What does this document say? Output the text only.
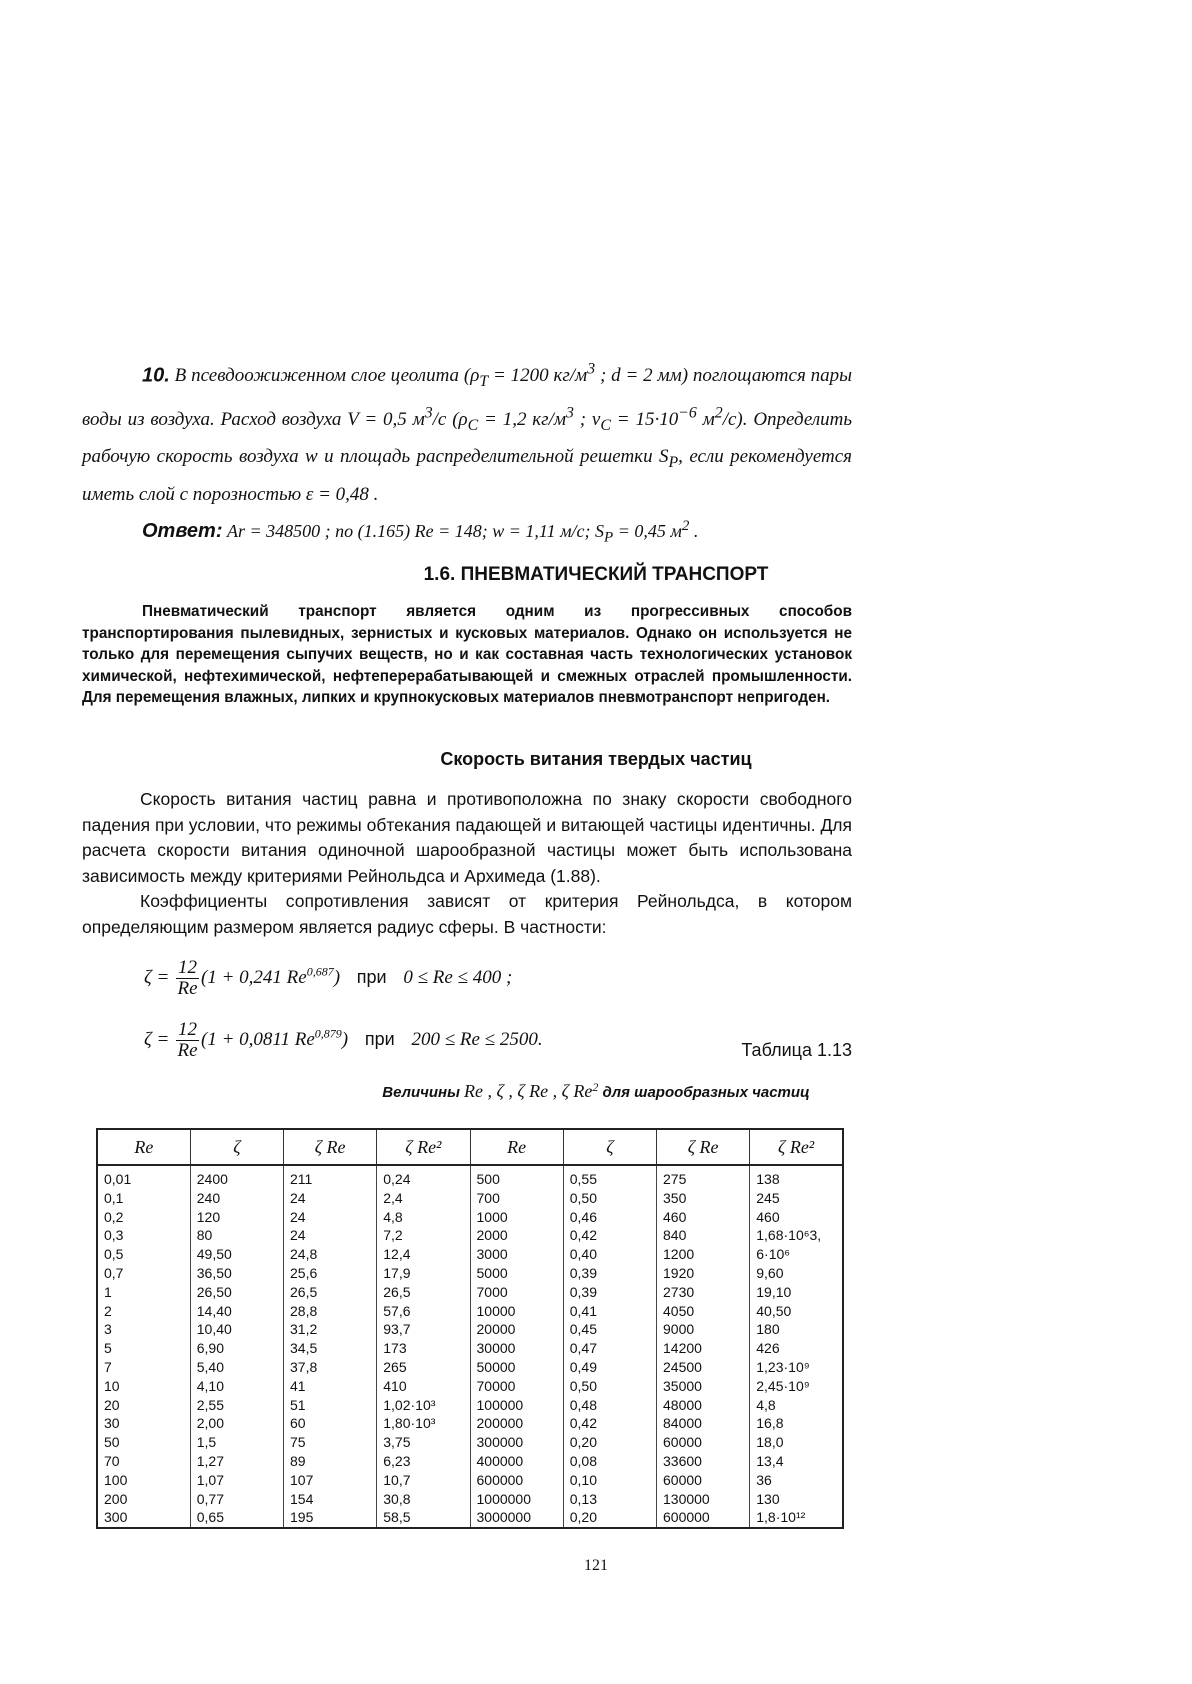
10. В псевдоожиженном слое цеолита ($\rho_Т = 1200$ $кг/м^3$ ; d = 2 мм) поглощаются пары воды из воздуха. Расход воздуха V = 0,5 $м^3/с$ ($\rho_С = 1,2$ $кг/м^3$ ; $\nu_С = 15\cdot 10^{-6}$ $м^2/с$). Определить рабочую скорость воздуха w и площадь распределительной решетки $S_Р$, если рекомендуется иметь слой с порозностью ε = 0,48 .
Ответ: Ar = 348500 ; по (1.165) Re = 148; w = 1,11 м/с; $S_Р = 0,45$ $м^2$ .
1.6. ПНЕВМАТИЧЕСКИЙ ТРАНСПОРТ
Пневматический транспорт является одним из прогрессивных способов транспортирования пылевидных, зернистых и кусковых материалов. Однако он используется не только для перемещения сыпучих веществ, но и как составная часть технологических установок химической, нефтехимической, нефтеперерабатывающей и смежных отраслей промышленности. Для перемещения влажных, липких и крупнокусковых материалов пневмотранспорт непригоден.
Скорость витания твердых частиц
Скорость витания частиц равна и противоположна по знаку скорости свободного падения при условии, что режимы обтекания падающей и витающей частицы идентичны. Для расчета скорости витания одиночной шарообразной частицы может быть использована зависимость между критериями Рейнольдса и Архимеда (1.88).
Коэффициенты сопротивления зависят от критерия Рейнольдса, в котором определяющим размером является радиус сферы. В частности:
$\zeta = \frac{12}{Re} (1 + 0,241$ Re$^{0,687}$) при 0 ≤ Re ≤ 400 ;
$\zeta = \frac{12}{Re} (1 + 0,0811$ Re$^{0,879}$) при 200 ≤ Re ≤ 2500.
Таблица 1.13
Величины Re , ζ , ζ Re , ζ Re$^2$ для шарообразных частиц
Re	ζ	ζ Re	ζ Re²	Re	ζ	ζ Re	ζ Re²
0,01	2400	211	0,24	500	0,55	275	138
0,1	240	24	2,4	700	0,50	350	245
0,2	120	24	4,8	1000	0,46	460	460
0,3	80	24	7,2	2000	0,42	840	1,68·10⁶3,
0,5	49,50	24,8	12,4	3000	0,40	1200	6·10⁶
0,7	36,50	25,6	17,9	5000	0,39	1920	9,60
1	26,50	26,5	26,5	7000	0,39	2730	19,10
2	14,40	28,8	57,6	10000	0,41	4050	40,50
3	10,40	31,2	93,7	20000	0,45	9000	180
5	6,90	34,5	173	30000	0,47	14200	426
7	5,40	37,8	265	50000	0,49	24500	1,23·10⁹
10	4,10	41	410	70000	0,50	35000	2,45·10⁹
20	2,55	51	1,02·10³	100000	0,48	48000	4,8
30	2,00	60	1,80·10³	200000	0,42	84000	16,8
50	1,5	75	3,75	300000	0,20	60000	18,0
70	1,27	89	6,23	400000	0,08	33600	13,4
100	1,07	107	10,7	600000	0,10	60000	36
200	0,77	154	30,8	1000000	0,13	130000	130
300	0,65	195	58,5	3000000	0,20	600000	1,8·10¹²
121
